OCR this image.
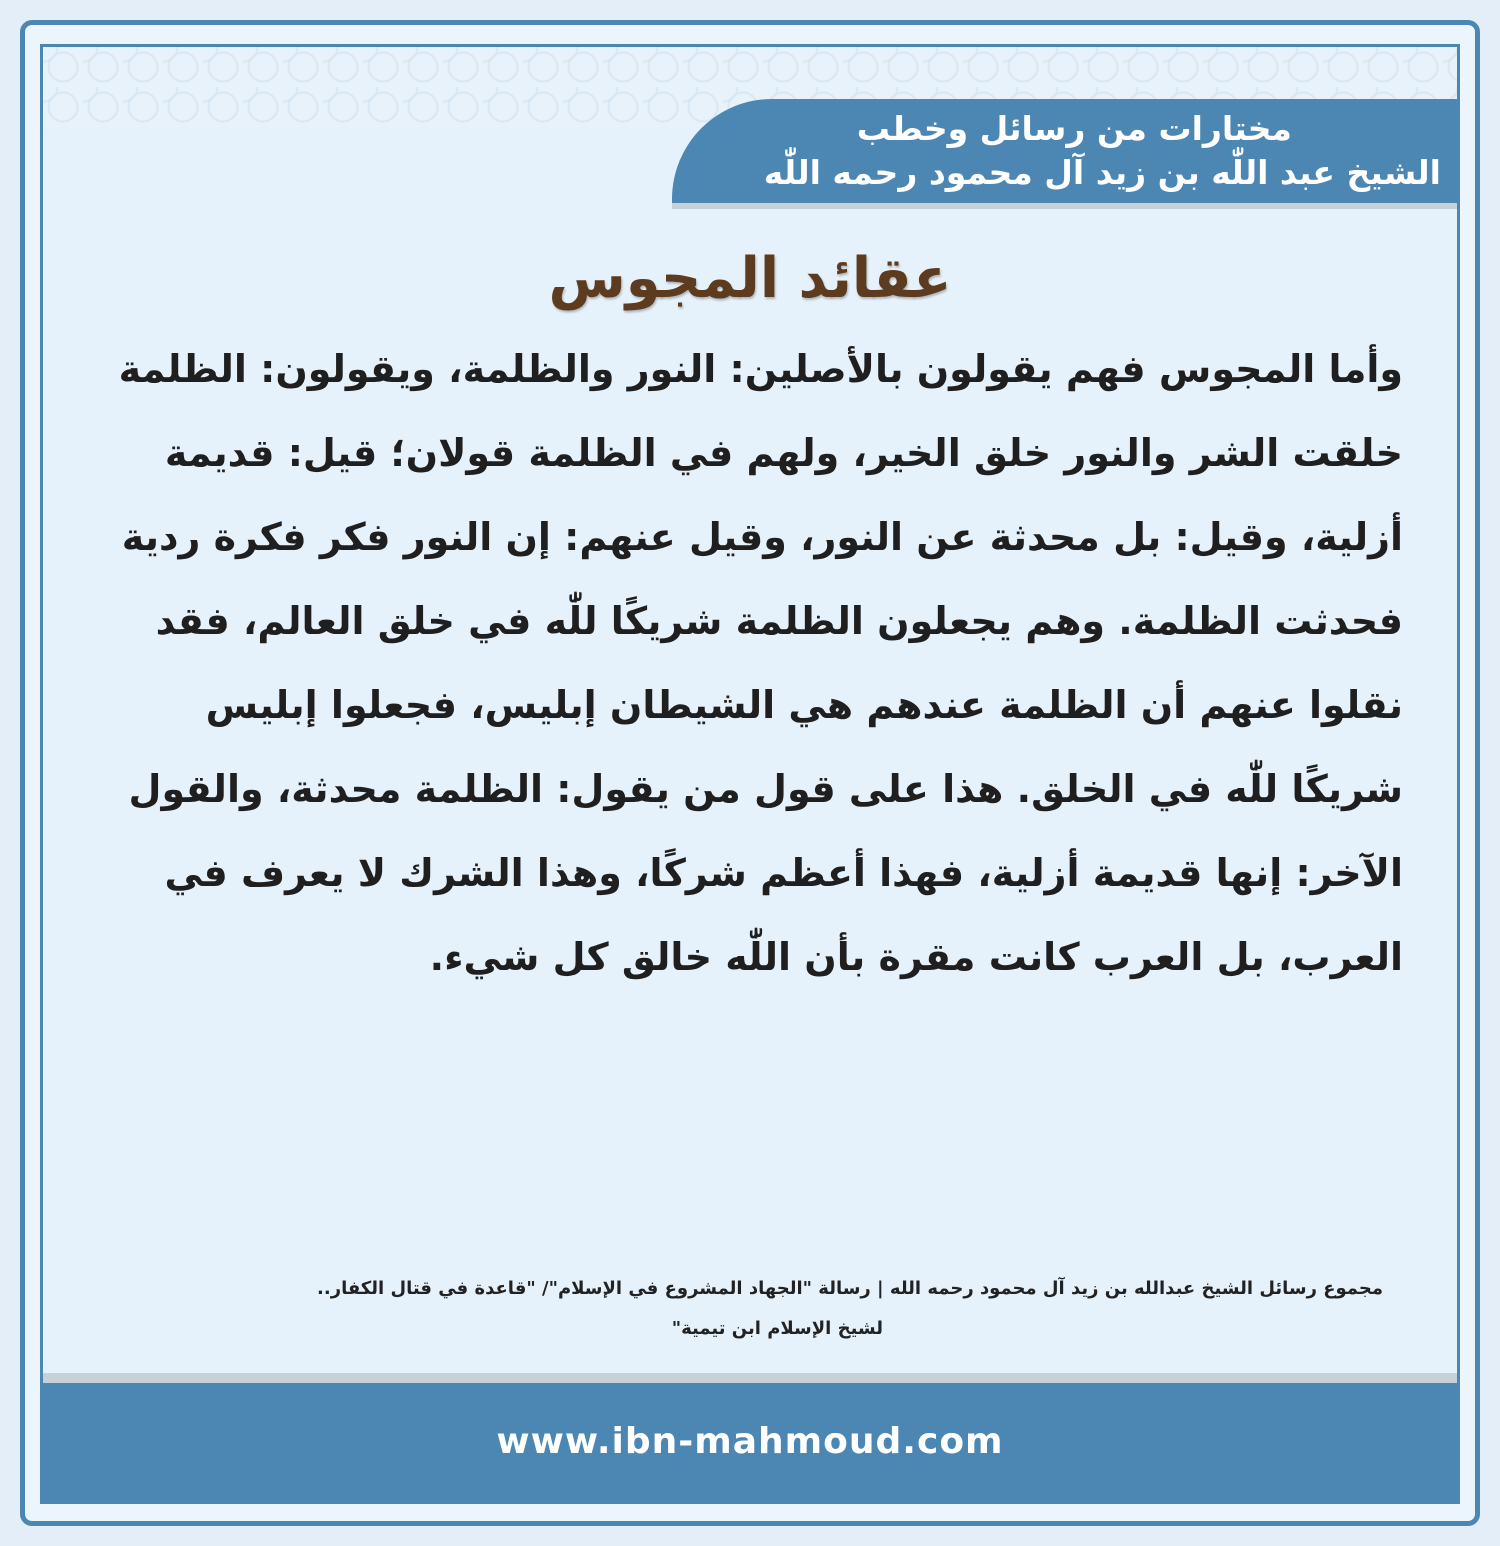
مختارات من رسائل وخطب
الشيخ عبد اللّٰه بن زيد آل محمود رحمه اللّٰه
عقائد المجوس

وأما المجوس فهم يقولون بالأصلين: النور والظلمة، ويقولون: الظلمة خلقت الشر والنور خلق الخير، ولهم في الظلمة قولان؛ قيل: قديمة أزلية، وقيل: بل محدثة عن النور، وقيل عنهم: إن النور فكر فكرة ردية فحدثت الظلمة. وهم يجعلون الظلمة شريكًا للّٰه في خلق العالم، فقد نقلوا عنهم أن الظلمة عندهم هي الشيطان إبليس، فجعلوا إبليس شريكًا للّٰه في الخلق. هذا على قول من يقول: الظلمة محدثة، والقول الآخر: إنها قديمة أزلية، فهذا أعظم شركًا، وهذا الشرك لا يعرف في العرب، بل العرب كانت مقرة بأن اللّٰه خالق كل شيء.

مجموع رسائل الشيخ عبدالله بن زيد آل محمود رحمه الله | رسالة "الجهاد المشروع في الإسلام"/ "قاعدة في قتال الكفار..
لشيخ الإسلام ابن تيمية"

www.ibn-mahmoud.com
